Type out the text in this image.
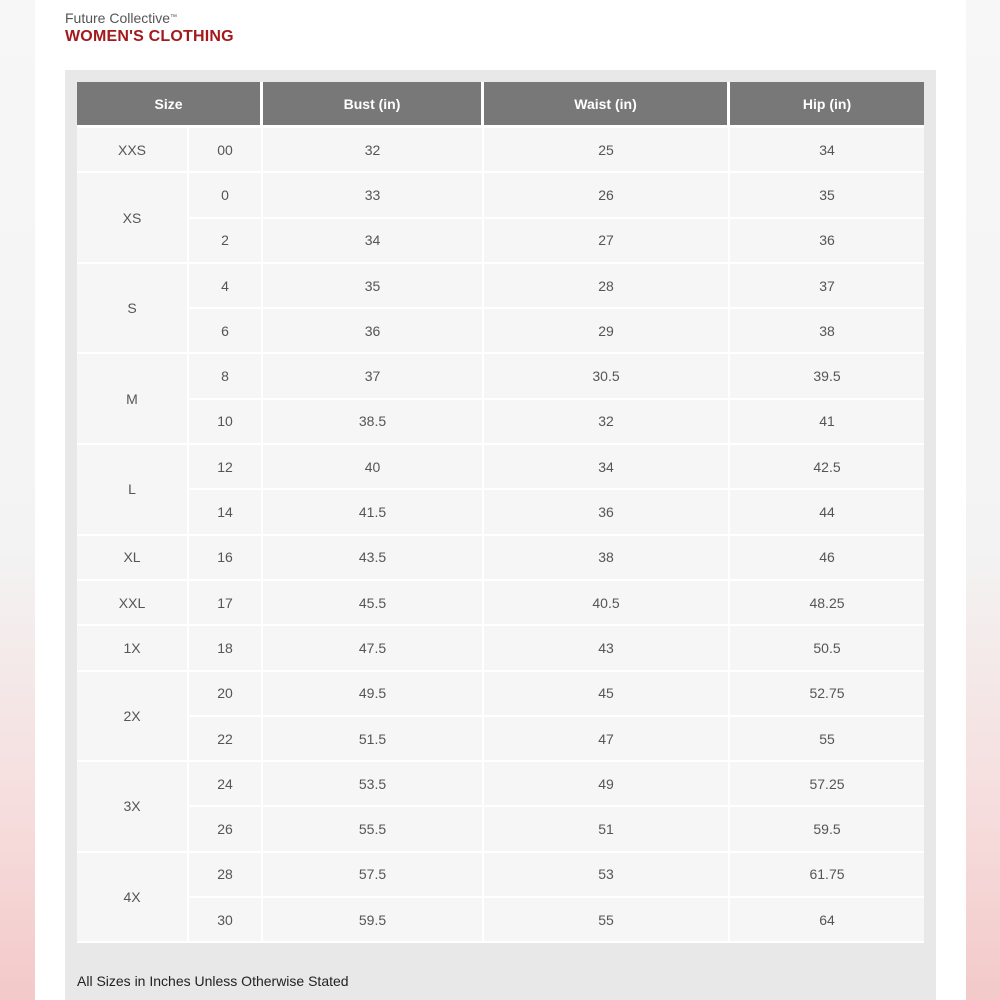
Future Collective™
WOMEN'S CLOTHING
Size		Bust (in)	Waist (in)	Hip (in)
XXS	00	32	25	34
XS	0	33	26	35
	2	34	27	36
S	4	35	28	37
	6	36	29	38
M	8	37	30.5	39.5
	10	38.5	32	41
L	12	40	34	42.5
	14	41.5	36	44
XL	16	43.5	38	46
XXL	17	45.5	40.5	48.25
1X	18	47.5	43	50.5
2X	20	49.5	45	52.75
	22	51.5	47	55
3X	24	53.5	49	57.25
	26	55.5	51	59.5
4X	28	57.5	53	61.75
	30	59.5	55	64
All Sizes in Inches Unless Otherwise Stated
